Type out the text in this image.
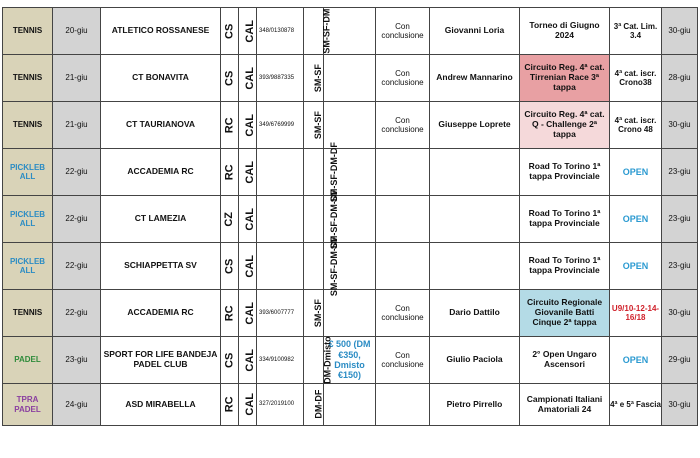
TENNIS	20-giu	ATLETICO ROSSANESE	CS	CAL	348/0130878	SM-SF-DM		Con conclusione	Giovanni Loria	Torneo di Giugno 2024	3ª Cat. Lim. 3.4	30-giu
TENNIS	21-giu	CT BONAVITA	CS	CAL	393/9887335	SM-SF		Con conclusione	Andrew Mannarino	Circuito Reg. 4ª cat. Tirrenian Race 3ª tappa	4ª cat. iscr. Crono38	28-giu
TENNIS	21-giu	CT TAURIANOVA	RC	CAL	349/6769999	SM-SF		Con conclusione	Giuseppe Loprete	Circuito Reg. 4ª cat. Q - Challenge 2ª tappa	4ª cat. iscr. Crono 48	30-giu
PICKLEB ALL	22-giu	ACCADEMIA RC	RC	CAL		SM-SF-DM-DF				Road To Torino 1ª tappa Provinciale	OPEN	23-giu
PICKLEB ALL	22-giu	CT LAMEZIA	CZ	CAL		SM-SF-DM-DF				Road To Torino 1ª tappa Provinciale	OPEN	23-giu
PICKLEB ALL	22-giu	SCHIAPPETTA SV	CS	CAL		SM-SF-DM-DF				Road To Torino 1ª tappa Provinciale	OPEN	23-giu
TENNIS	22-giu	ACCADEMIA RC	RC	CAL	393/6007777	SM-SF		Con conclusione	Dario Dattilo	Circuito Regionale Giovanile Batti Cinque 2ª tappa	U9/10-12-14-16/18	30-giu
PADEL	23-giu	SPORT FOR LIFE BANDEJA PADEL CLUB	CS	CAL	334/9100982	DM-Dmisto	€ 500 (DM €350, Dmisto €150)	Con conclusione	Giulio Paciola	2° Open Ungaro Ascensori	OPEN	29-giu
TPRA PADEL	24-giu	ASD MIRABELLA	RC	CAL	327/2019100	DM-DF			Pietro Pirrello	Campionati Italiani Amatoriali 24	4ª e 5ª Fascia	30-giu
